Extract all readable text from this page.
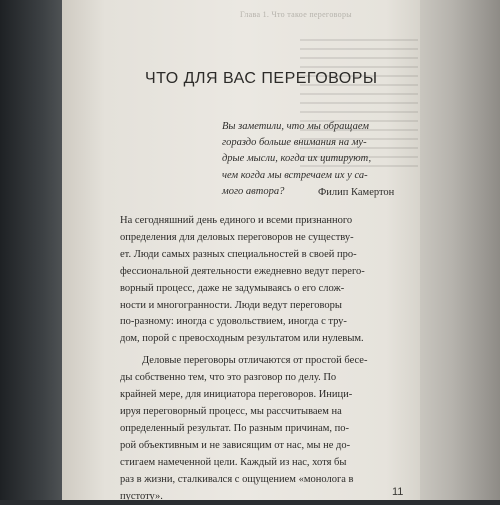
Глава 1. Что такое переговоры
ЧТО ДЛЯ ВАС ПЕРЕГОВОРЫ
Вы заметили, что мы обращаем
гораздо больше внимания на му-
дрые мысли, когда их цитируют,
чем когда мы встречаем их у са-
мого автора?	Филип Камертон
На сегодняшний день единого и всеми признанного
определения для деловых переговоров не существу-
ет. Люди самых разных специальностей в своей про-
фессиональной деятельности ежедневно ведут перего-
ворный процесс, даже не задумываясь о его слож-
ности и многогранности. Люди ведут переговоры
по-разному: иногда с удовольствием, иногда с тру-
дом, порой с превосходным результатом или нулевым.
Деловые переговоры отличаются от простой бесе-
ды собственно тем, что это разговор по делу. По
крайней мере, для инициатора переговоров. Иници-
ируя переговорный процесс, мы рассчитываем на
определенный результат. По разным причинам, по-
рой объективным и не зависящим от нас, мы не до-
стигаем намеченной цели. Каждый из нас, хотя бы
раз в жизни, сталкивался с ощущением «монолога в
пустоту».	11
